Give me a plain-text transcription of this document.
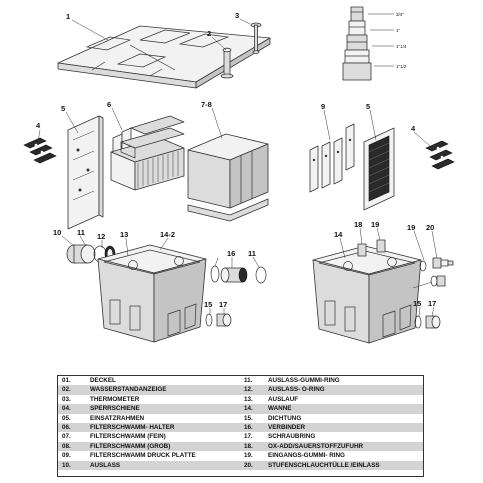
3/4"
1"
1"1/4
1"1/2
1
2
3
4
5	6	7-8	9	5
4
10 11 12 13	14-2
16 11
15 17
14
18 19	19 20
15 17
01.	DECKEL	11.	AUSLASS-GUMMI-RING
02.	WASSERSTANDANZEIGE	12.	AUSLASS- O-RING
03.	THERMOMETER	13.	AUSLAUF
04.	SPERRSCHIENE	14.	WANNE
05.	EINSATZRAHMEN	15.	DICHTUNG
06.	FILTERSCHWAMM- HALTER	16.	VERBINDER
07.	FILTERSCHWAMM (FEIN)	17.	SCHRAUBRING
08.	FILTERSCHWAMM (GROB)	18.	OX-ADD/SAUERSTOFFZUFUHR
09.	FILTERSCHWAMM DRUCK PLATTE	19.	EINGANGS-GUMMI- RING
10.	AUSLASS	20.	STUFENSCHLAUCHTÜLLE /EINLASS
